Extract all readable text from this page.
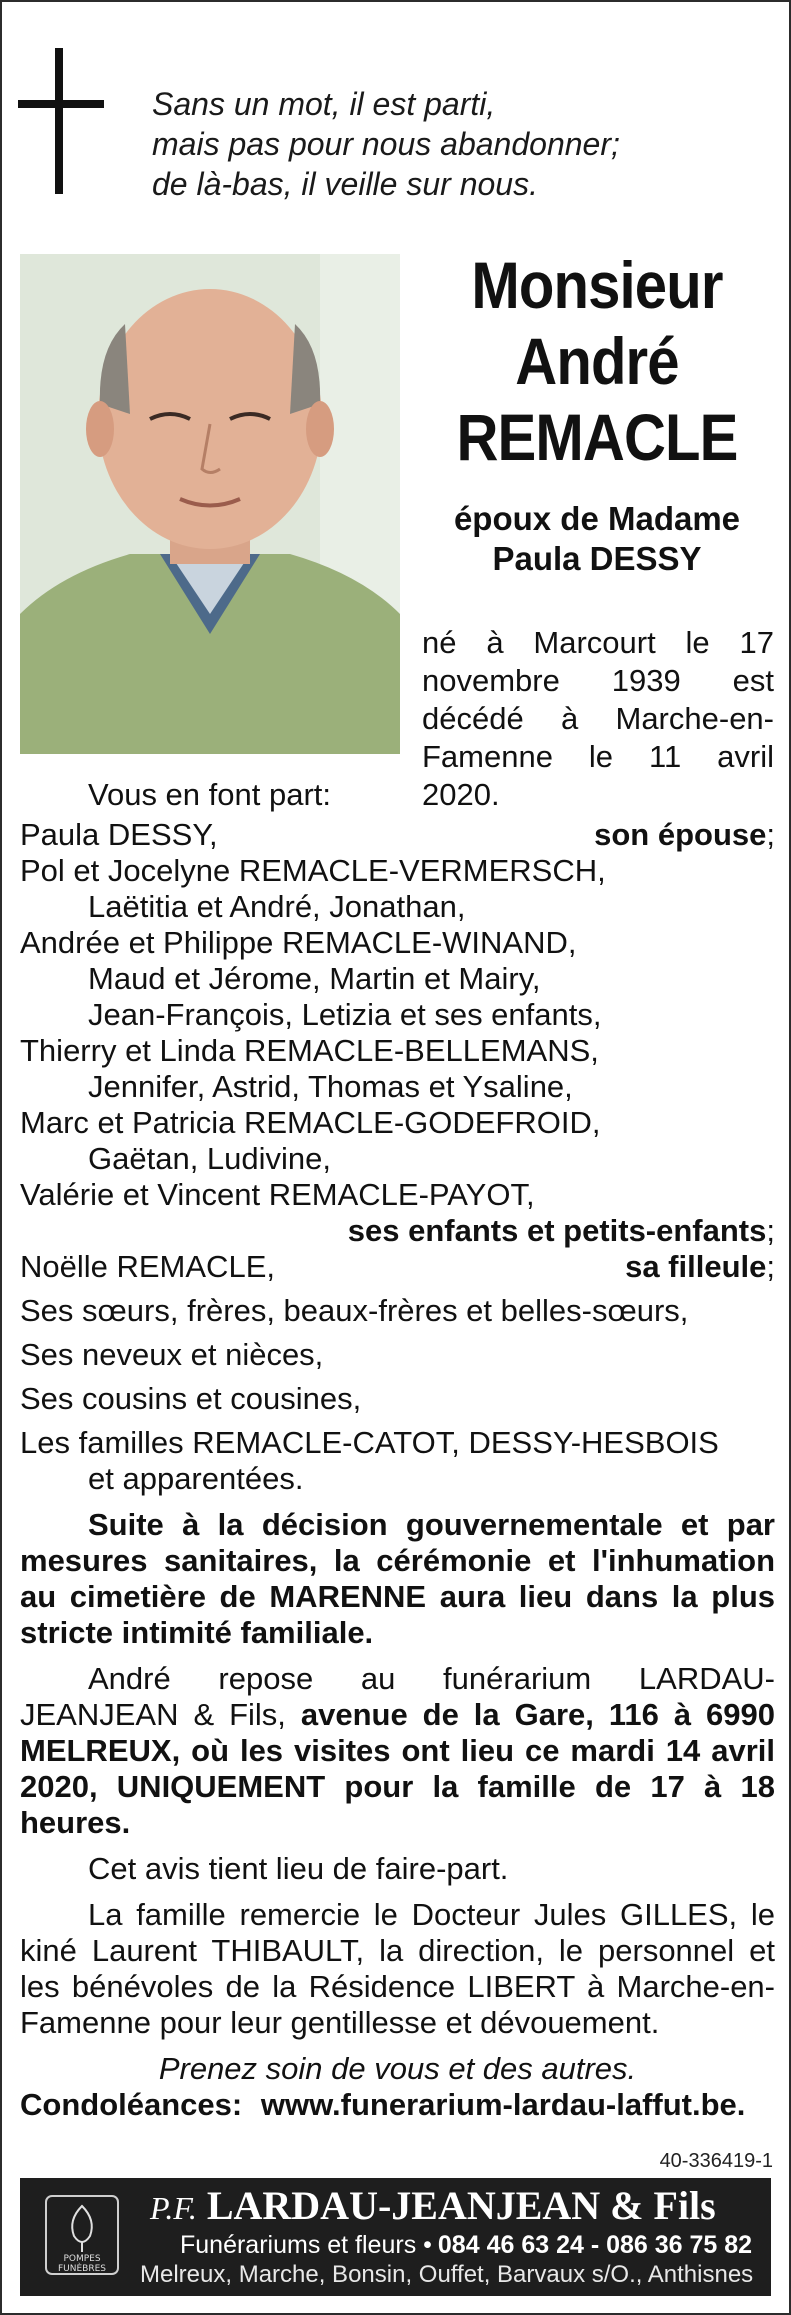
Sans un mot, il est parti,
mais pas pour nous abandonner;
de là-bas, il veille sur nous.
Monsieur
André
REMACLE
époux de Madame
Paula DESSY
né à Marcourt le 17 novembre 1939 est décédé à Marche-en-Famenne le 11 avril 2020.
Vous en font part:
Paula DESSY,	son épouse;
Pol et Jocelyne REMACLE-VERMERSCH,
Laëtitia et André, Jonathan,
Andrée et Philippe REMACLE-WINAND,
Maud et Jérome, Martin et Mairy,
Jean-François, Letizia et ses enfants,
Thierry et Linda REMACLE-BELLEMANS,
Jennifer, Astrid, Thomas et Ysaline,
Marc et Patricia REMACLE-GODEFROID,
Gaëtan, Ludivine,
Valérie et Vincent REMACLE-PAYOT,
ses enfants et petits-enfants;
Noëlle REMACLE,	sa filleule;
Ses sœurs, frères, beaux-frères et belles-sœurs,
Ses neveux et nièces,
Ses cousins et cousines,
Les familles REMACLE-CATOT, DESSY-HESBOIS
et apparentées.
Suite à la décision gouvernementale et par mesures sanitaires, la cérémonie et l'inhumation au cimetière de MARENNE aura lieu dans la plus stricte intimité familiale.
André repose au funérarium LARDAU-JEANJEAN & Fils, avenue de la Gare, 116 à 6990 MELREUX, où les visites ont lieu ce mardi 14 avril 2020, UNIQUEMENT pour la famille de 17 à 18 heures.
Cet avis tient lieu de faire-part.
La famille remercie le Docteur Jules GILLES, le kiné Laurent THIBAULT, la direction, le personnel et les bénévoles de la Résidence LIBERT à Marche-en-Famenne pour leur gentillesse et dévouement.
Prenez soin de vous et des autres.
Condoléances: www.funerarium-lardau-laffut.be.
40-336419-1
POMPES
FUNÈBRES
P.F. LARDAU-JEANJEAN & Fils
Funérariums et fleurs • 084 46 63 24 - 086 36 75 82
Melreux, Marche, Bonsin, Ouffet, Barvaux s/O., Anthisnes
